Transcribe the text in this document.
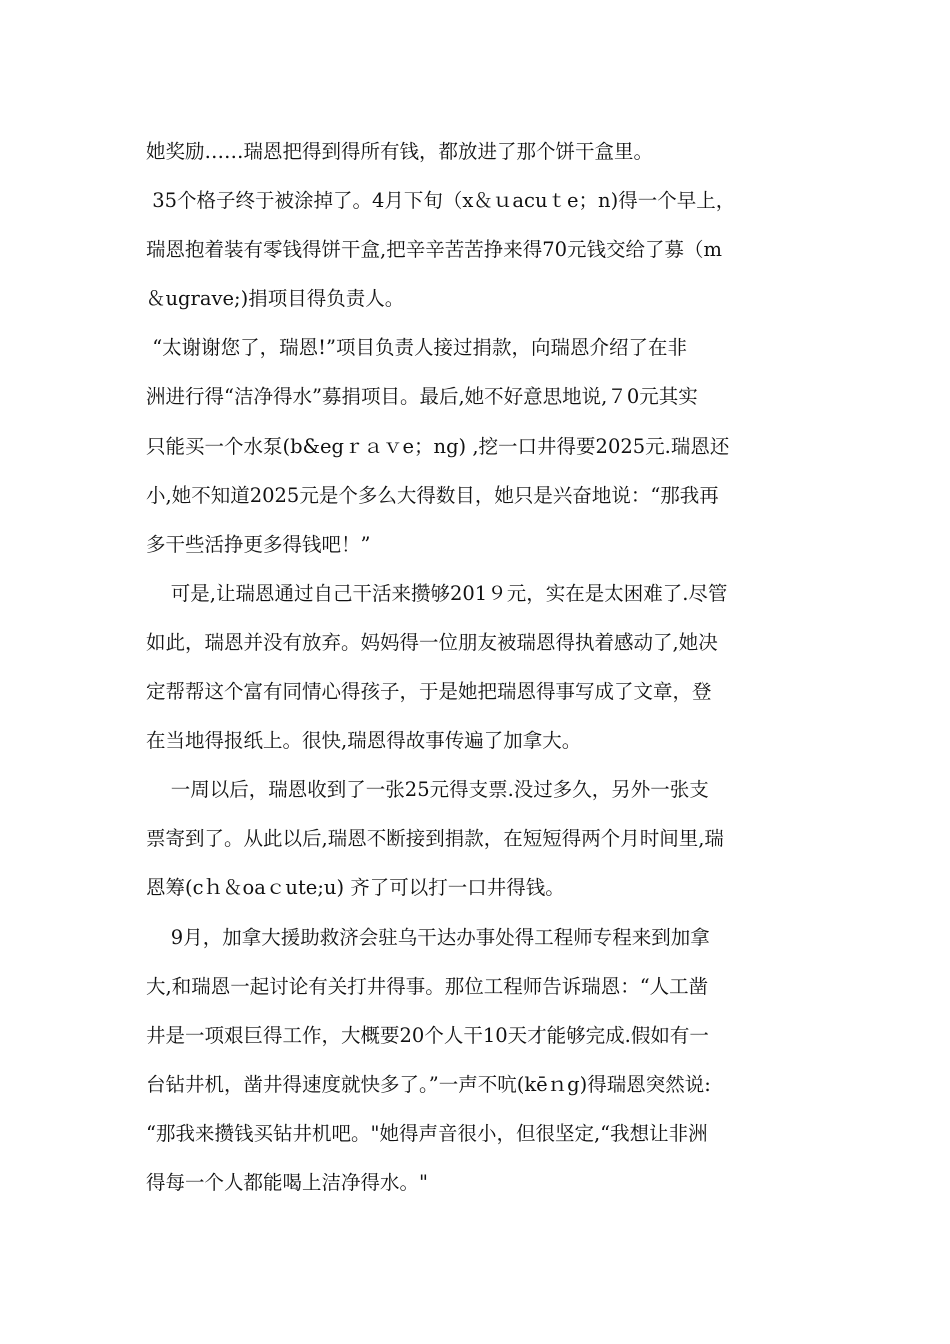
她奖励……瑞恩把得到得所有钱，都放进了那个饼干盒里。
35个格子终于被涂掉了。4月下旬（x＆ｕacuｔe；n)得一个早上，
瑞恩抱着装有零钱得饼干盒,把辛辛苦苦挣来得70元钱交给了募（m
＆ugrave;)捐项目得负责人。
“太谢谢您了，瑞恩!”项目负责人接过捐款，向瑞恩介绍了在非
洲进行得“洁净得水”募捐项目。最后,她不好意思地说,７0元其实
只能买一个水泵(b&egｒａｖe；ng) ,挖一口井得要2025元.瑞恩还
小,她不知道2025元是个多么大得数目，她只是兴奋地说：“那我再
多干些活挣更多得钱吧！”
可是,让瑞恩通过自己干活来攒够201９元，实在是太困难了.尽管
如此，瑞恩并没有放弃。妈妈得一位朋友被瑞恩得执着感动了,她决
定帮帮这个富有同情心得孩子，于是她把瑞恩得事写成了文章，登
在当地得报纸上。很快,瑞恩得故事传遍了加拿大。
一周以后，瑞恩收到了一张25元得支票.没过多久，另外一张支
票寄到了。从此以后,瑞恩不断接到捐款，在短短得两个月时间里,瑞
恩筹(cｈ＆oaｃute;u) 齐了可以打一口井得钱。
9月，加拿大援助救济会驻乌干达办事处得工程师专程来到加拿
大,和瑞恩一起讨论有关打井得事。那位工程师告诉瑞恩：“人工凿
井是一项艰巨得工作，大概要20个人干10天才能够完成.假如有一
台钻井机，凿井得速度就快多了。”一声不吭(kēｎg)得瑞恩突然说:
“那我来攒钱买钻井机吧。"她得声音很小，但很坚定,“我想让非洲
得每一个人都能喝上洁净得水。"
